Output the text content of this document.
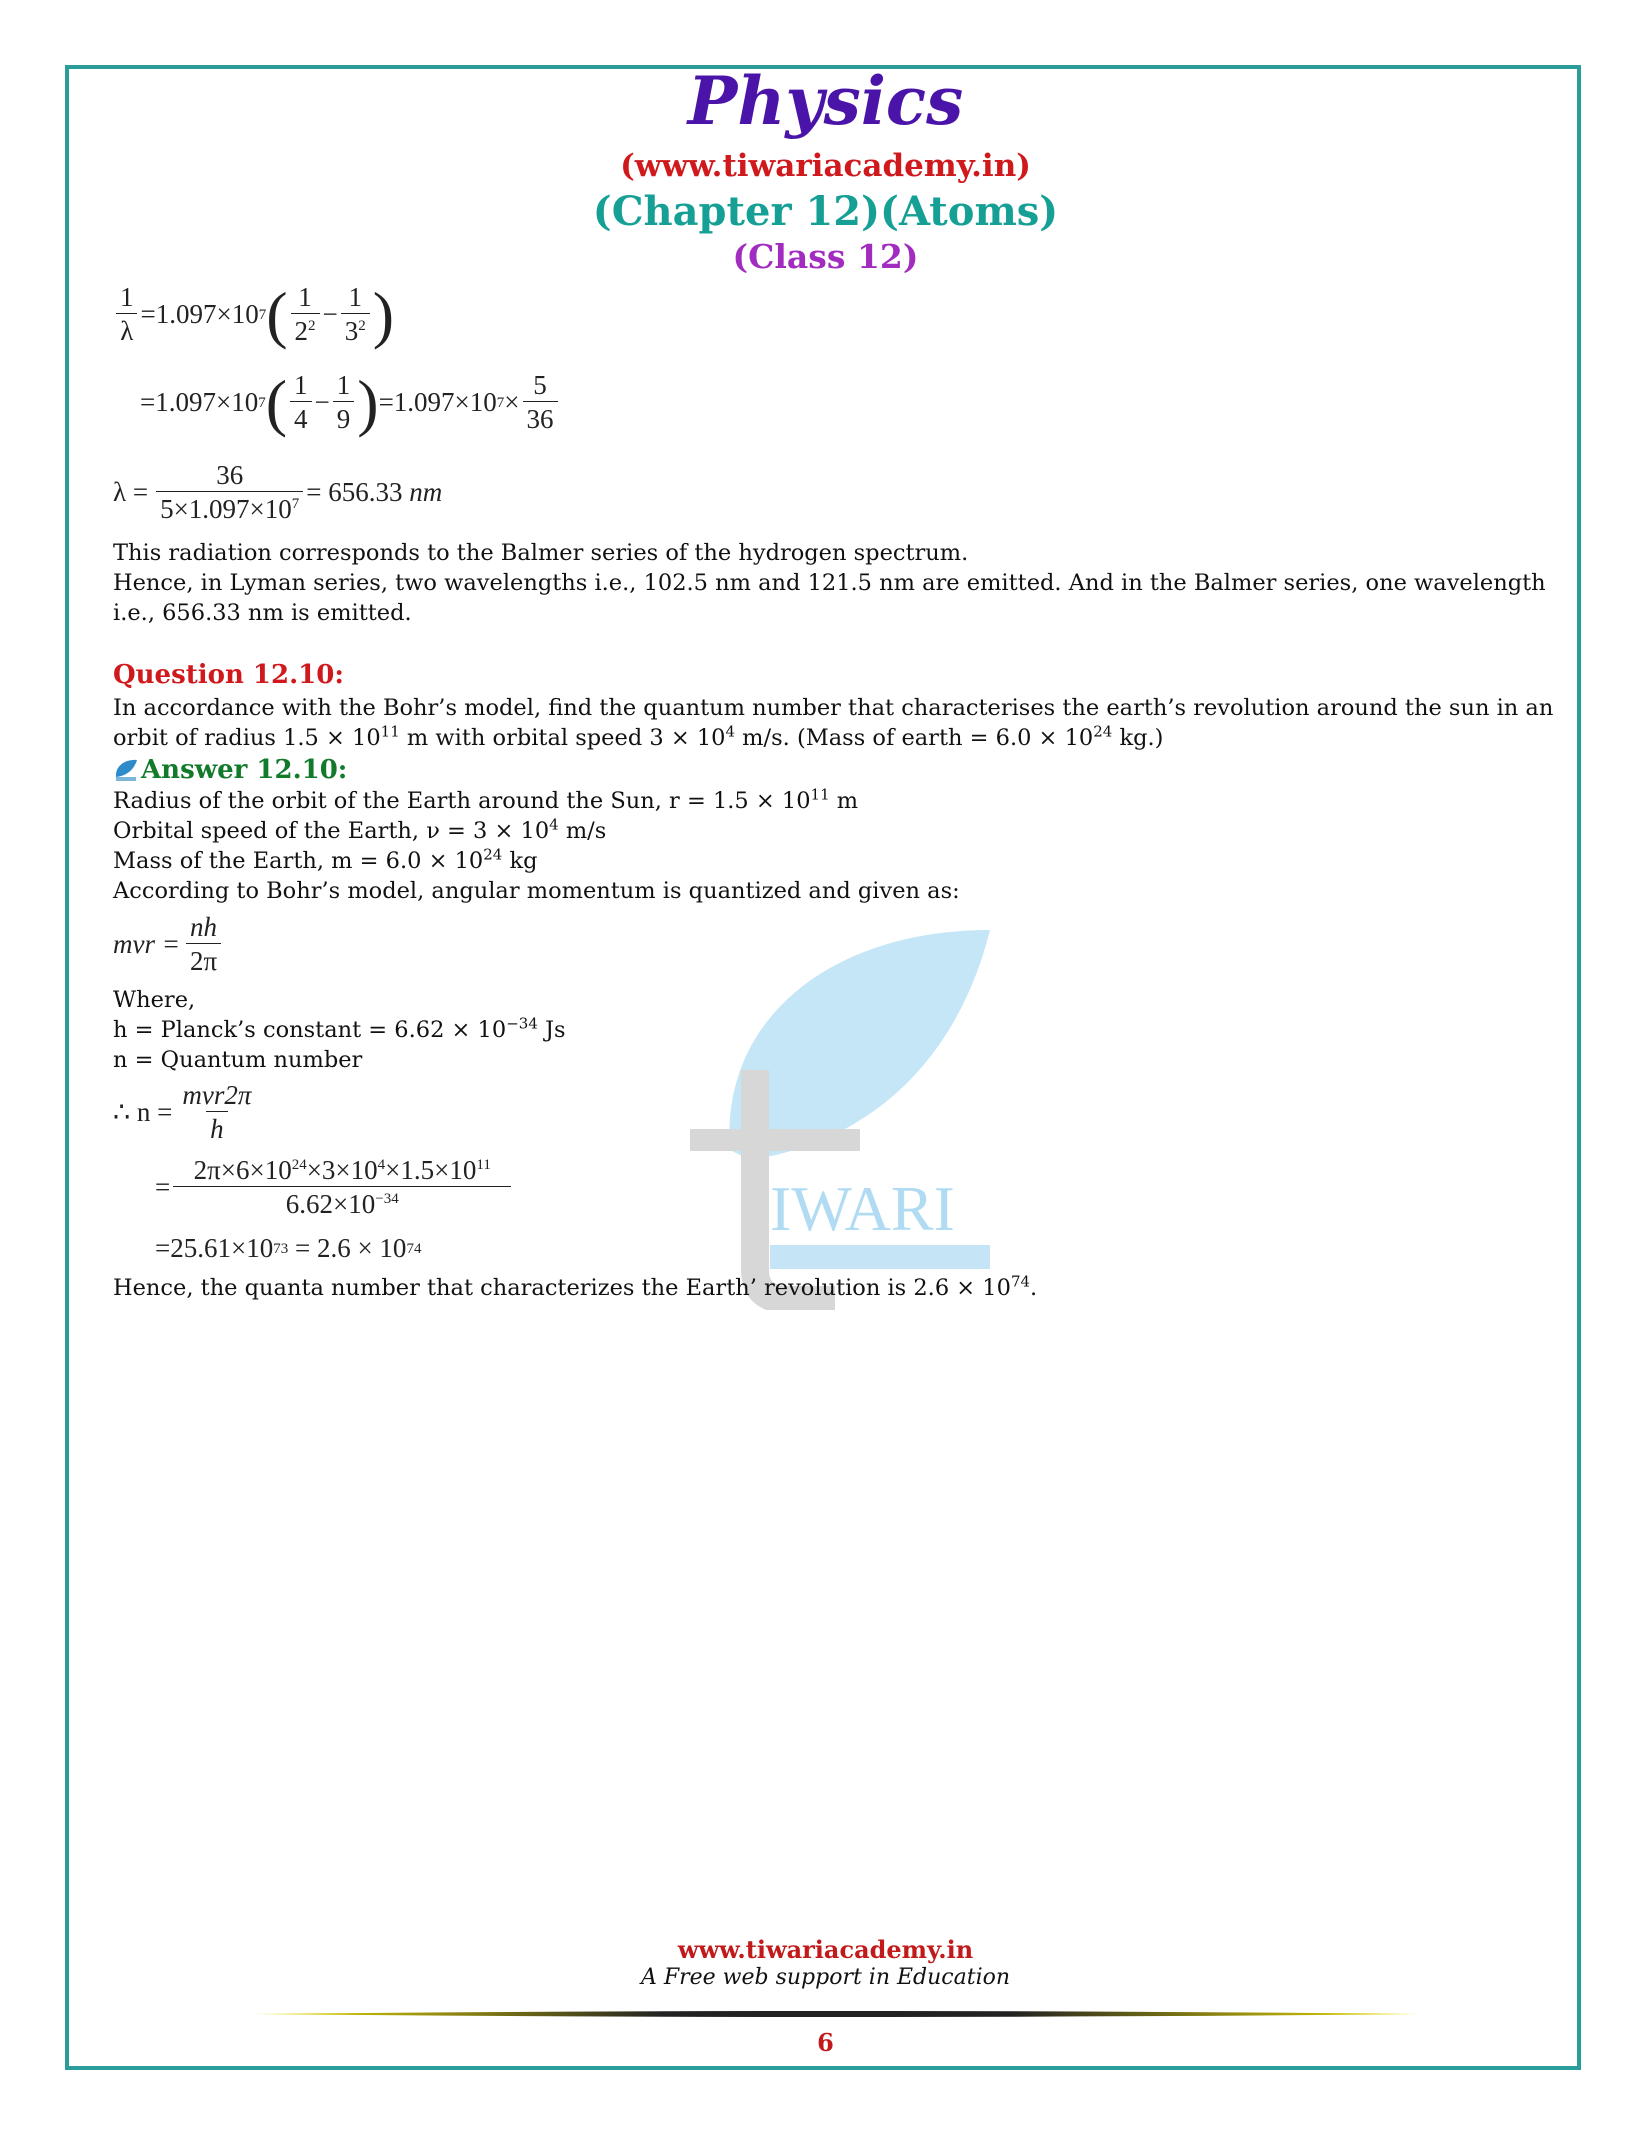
Physics
(www.tiwariacademy.in)
(Chapter 12)(Atoms)
(Class 12)
IWARI
$\frac{1}{\lambda} =1.097\times 10$ 7 ( $\frac{1}{2^2} - \frac{1}{3^2}$ )
=1.097×10 7 ( $\frac{1}{4} - \frac{1}{9}$ ) =1.097×10 $7 \times \frac{5}{36}$
$\lambda = \frac{36}{5\times 1.097\times 10^7} = 656.33$
nm
This radiation corresponds to the Balmer series of the hydrogen spectrum.
Hence, in Lyman series, two wavelengths i.e., 102.5 nm and 121.5 nm are emitted. And in the Balmer series, one wavelength i.e., 656.33 nm is emitted.
Question 12.10:
In accordance with the Bohr’s model, find the quantum number that characterises the earth’s revolution around the sun in an orbit of radius $1.5 \times 10^{11}$ m with orbital speed $3 \times 10^4$ m/s. (Mass of earth = $6.0 \times 10^{24}$ kg.)
Answer 12.10:
Radius of the orbit of the Earth around the Sun, $r = 1.5 \times 10^{11}$ m
Orbital speed of the Earth, $\nu = 3 \times 10^4$ m/s
Mass of the Earth, $m = 6.0 \times 10^{24}$ kg
According to Bohr’s model, angular momentum is quantized and given as:
mvr = $\frac{nh}{2\pi}$
Where,
h = Planck’s constant = $6.62 \times 10^{-34}$ Js
n = Quantum number
∴ $n = \frac{\text{mvr2π}}{h}$
= $\frac{2\pi\times 6\times 10^{24}\times 3\times 10^4\times 1.5\times 10^{11}}{6.62\times 10^{-34}}$
=25.61×10 73 = 2.6 × 10 74
Hence, the quanta number that characterizes the Earth’ revolution is $2.6 \times 10^{74}$.
www.tiwariacademy.in
A Free web support in Education
6
